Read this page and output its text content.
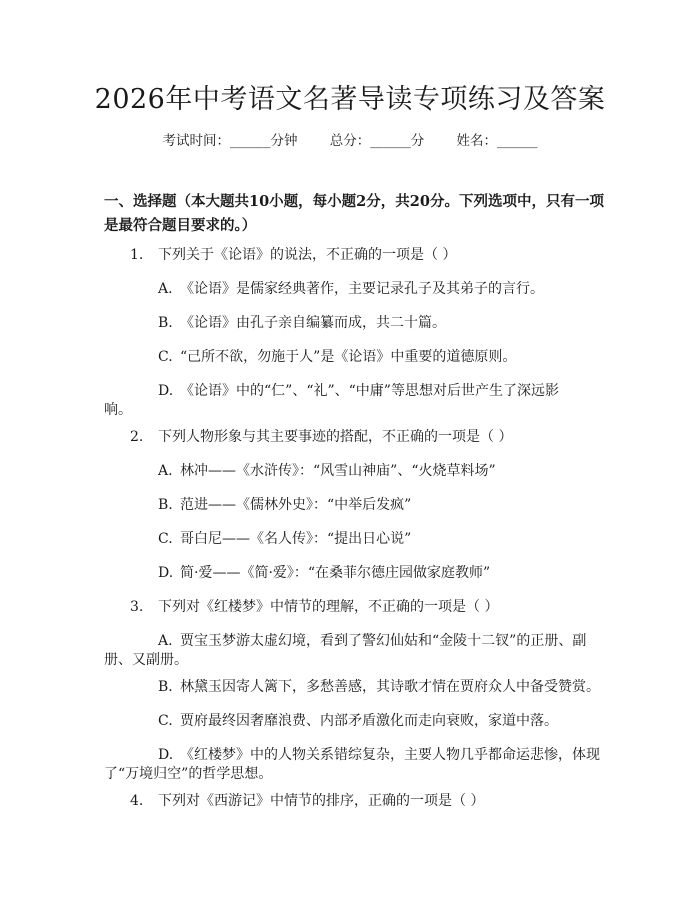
2026年中考语文名著导读专项练习及答案
考试时间：______分钟 总分：______分 姓名：______
一、选择题（本大题共10小题，每小题2分，共20分。下列选项中，只有一项是最符合题目要求的。）
1. 下列关于《论语》的说法，不正确的一项是（ ）
A. 《论语》是儒家经典著作，主要记录孔子及其弟子的言行。
B. 《论语》由孔子亲自编纂而成，共二十篇。
C. “己所不欲，勿施于人”是《论语》中重要的道德原则。
D. 《论语》中的“仁”、“礼”、“中庸”等思想对后世产生了深远影
响。
2. 下列人物形象与其主要事迹的搭配，不正确的一项是（ ）
A. 林冲——《水浒传》：“风雪山神庙”、“火烧草料场”
B. 范进——《儒林外史》：“中举后发疯”
C. 哥白尼——《名人传》：“提出日心说”
D. 简·爱——《简·爱》：“在桑菲尔德庄园做家庭教师”
3. 下列对《红楼梦》中情节的理解，不正确的一项是（ ）
A. 贾宝玉梦游太虚幻境，看到了警幻仙姑和“金陵十二钗”的正册、副
册、又副册。
B. 林黛玉因寄人篱下，多愁善感，其诗歌才情在贾府众人中备受赞赏。
C. 贾府最终因奢靡浪费、内部矛盾激化而走向衰败，家道中落。
D. 《红楼梦》中的人物关系错综复杂，主要人物几乎都命运悲惨，体现
了“万境归空”的哲学思想。
4. 下列对《西游记》中情节的排序，正确的一项是（ ）
